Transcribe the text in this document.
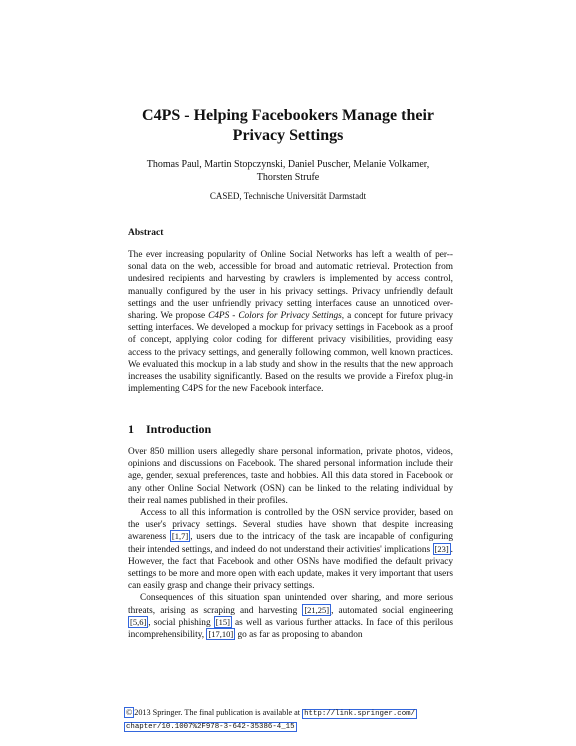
C4PS - Helping Facebookers Manage their
Privacy Settings
Thomas Paul, Martin Stopczynski, Daniel Puscher, Melanie Volkamer,
Thorsten Strufe
CASED, Technische Universität Darmstadt
Abstract
The ever increasing popularity of Online Social Networks has left a wealth of per-sonal data on the web, accessible for broad and automatic retrieval. Protection from undesired recipients and harvesting by crawlers is implemented by access control, manually configured by the user in his privacy settings. Privacy unfriendly default settings and the user unfriendly privacy setting interfaces cause an unnoticed over-sharing. We propose C4PS - Colors for Privacy Settings, a concept for future privacy setting interfaces. We developed a mockup for privacy settings in Facebook as a proof of concept, applying color coding for different privacy visibilities, providing easy access to the privacy settings, and generally following common, well known practices. We evaluated this mockup in a lab study and show in the results that the new approach increases the usability significantly. Based on the results we provide a Firefox plug-in implementing C4PS for the new Facebook interface.
1 Introduction

Over 850 million users allegedly share personal information, private photos, videos, opinions and discussions on Facebook. The shared personal information include their age, gender, sexual preferences, taste and hobbies. All this data stored in Facebook or any other Online Social Network (OSN) can be linked to the relating individual by their real names published in their profiles.

Access to all this information is controlled by the OSN service provider, based on the user's privacy settings. Several studies have shown that despite increasing awareness [1,7] , users due to the intricacy of the task are incapable of configuring their intended settings, and indeed do not understand their activities' implications [23] . However, the fact that Facebook and other OSNs have modified the default privacy settings to be more and more open with each update, makes it very important that users can easily grasp and change their privacy settings.

Consequences of this situation span unintended over sharing, and more serious threats, arising as scraping and harvesting [21,25] , automated social engineering [5,6] , social phishing [15] as well as various further attacks. In face of this perilous incomprehensibility, [17,10] go as far as proposing to abandon

© 2013 Springer. The final publication is available at http://link.springer.com/
chapter/10.1007%2F978-3-642-35386-4_15
